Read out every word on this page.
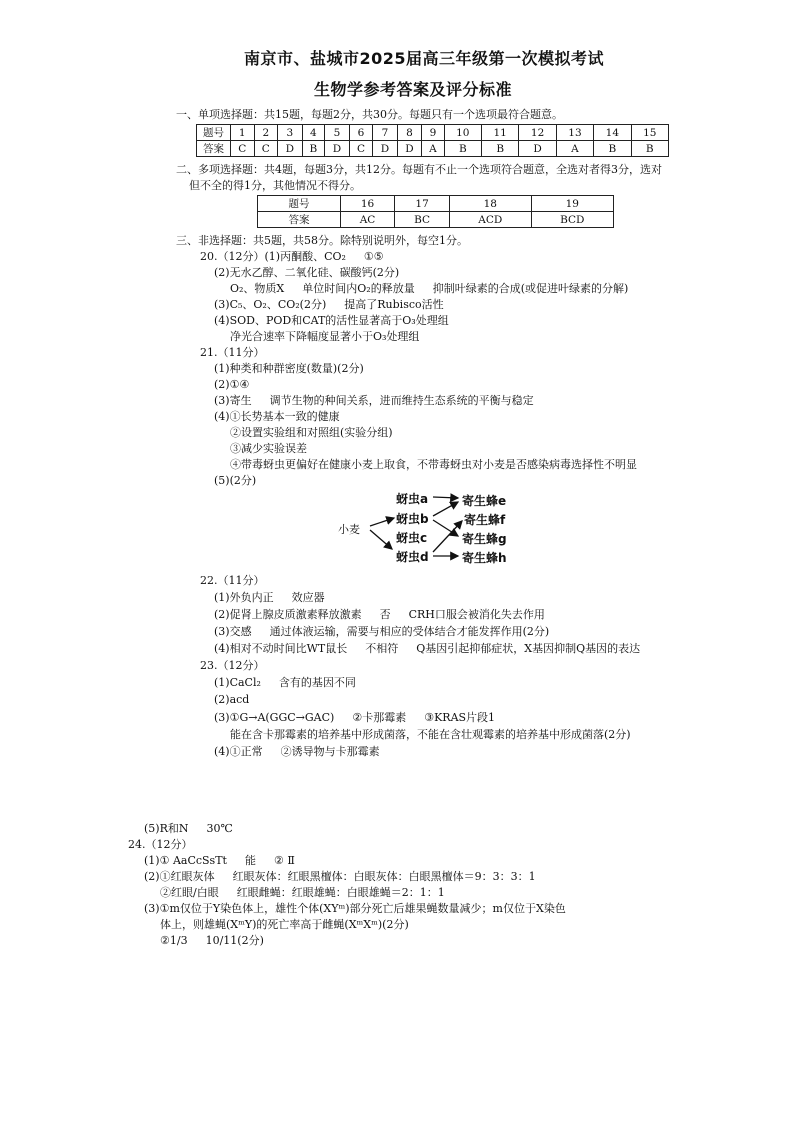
南京市、盐城市2025届高三年级第一次模拟考试
生物学参考答案及评分标准
一、单项选择题：共15题，每题2分，共30分。每题只有一个选项最符合题意。
题号	1	2	3	4	5	6	7	8	9	10	11	12	13	14	15
答案	C	C	D	B	D	C	D	D	A	B	B	D	A	B	B
二、多项选择题：共4题，每题3分，共12分。每题有不止一个选项符合题意，全选对者得3分，选对
但不全的得1分，其他情况不得分。
题号	16	17	18	19
答案	AC	BC	ACD	BCD
三、非选择题：共5题，共58分。除特别说明外，每空1分。
20.（12分）(1)丙酮酸、CO₂ ①⑤
(2)无水乙醇、二氧化硅、碳酸钙(2分)
O₂、物质X 单位时间内O₂的释放量 抑制叶绿素的合成(或促进叶绿素的分解)
(3)C₅、O₂、CO₂(2分) 提高了Rubisco活性
(4)SOD、POD和CAT的活性显著高于O₃处理组
净光合速率下降幅度显著小于O₃处理组
21.（11分）
(1)种类和种群密度(数量)(2分)
(2)①④
(3)寄生 调节生物的种间关系，进而维持生态系统的平衡与稳定
(4)①长势基本一致的健康
②设置实验组和对照组(实验分组)
③减少实验误差
④带毒蚜虫更偏好在健康小麦上取食，不带毒蚜虫对小麦是否感染病毒选择性不明显
(5)(2分)
小麦
蚜虫a
蚜虫b
蚜虫c
蚜虫d
寄生蜂e
寄生蜂f
寄生蜂g
寄生蜂h
22.（11分）
(1)外负内正 效应器
(2)促肾上腺皮质激素释放激素 否 CRH口服会被消化失去作用
(3)交感 通过体液运输，需要与相应的受体结合才能发挥作用(2分)
(4)相对不动时间比WT鼠长 不相符 Q基因引起抑郁症状，X基因抑制Q基因的表达
23.（12分）
(1)CaCl₂ 含有的基因不同
(2)acd
(3)①G→A(GGC→GAC) ②卡那霉素 ③KRAS片段1
能在含卡那霉素的培养基中形成菌落，不能在含壮观霉素的培养基中形成菌落(2分)
(4)①正常 ②诱导物与卡那霉素
(5)R和N 30℃
24.（12分）
(1)① AaCcSsTt 能 ② Ⅱ
(2)①红眼灰体 红眼灰体：红眼黑檀体：白眼灰体：白眼黑檀体＝9：3：3：1
②红眼/白眼 红眼雌蝇：红眼雄蝇：白眼雄蝇＝2：1：1
(3)①m仅位于Y染色体上，雄性个体(XYᵐ)部分死亡后雄果蝇数量减少；m仅位于X染色
体上，则雄蝇(XᵐY)的死亡率高于雌蝇(XᵐXᵐ)(2分)
②1/3 10/11(2分)
